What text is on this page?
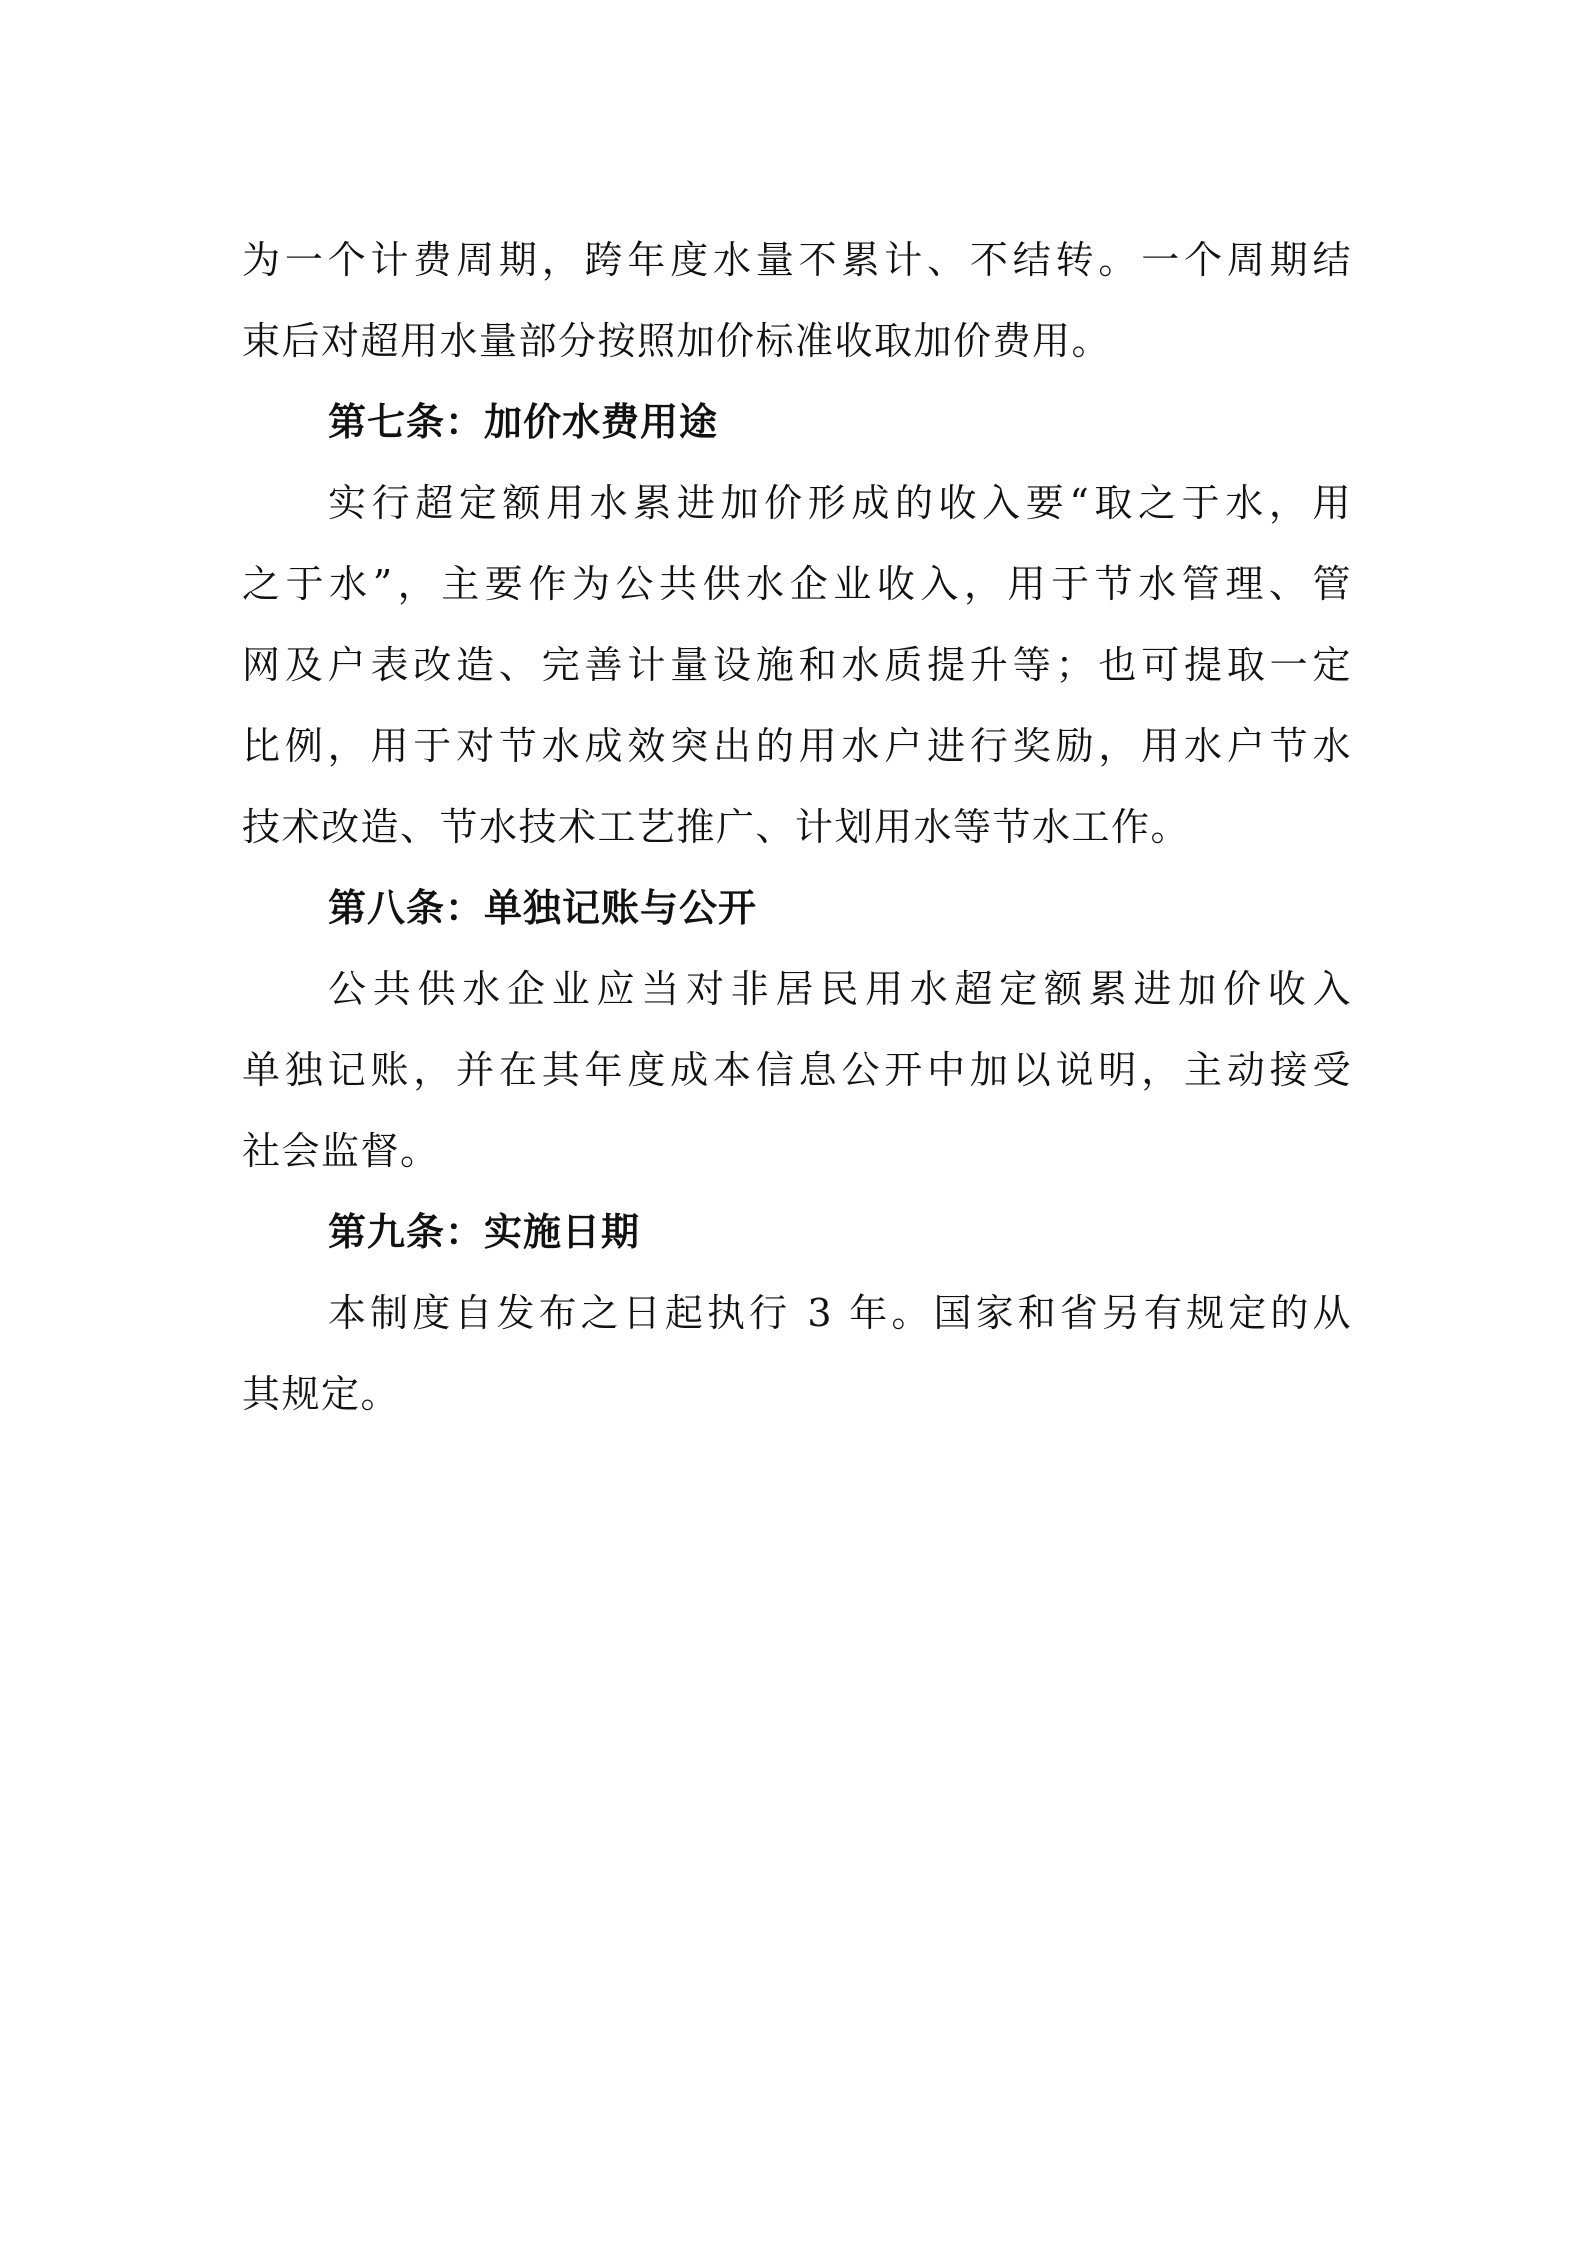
为一个计费周期，跨年度水量不累计、不结转。一个周期结
束后对超用水量部分按照加价标准收取加价费用。
第七条：加价水费用途
实行超定额用水累进加价形成的收入要“取之于水，用
之于水”，主要作为公共供水企业收入，用于节水管理、管
网及户表改造、完善计量设施和水质提升等；也可提取一定
比例，用于对节水成效突出的用水户进行奖励，用水户节水
技术改造、节水技术工艺推广、计划用水等节水工作。
第八条：单独记账与公开
公共供水企业应当对非居民用水超定额累进加价收入
单独记账，并在其年度成本信息公开中加以说明，主动接受
社会监督。
第九条：实施日期
本制度自发布之日起执行 3 年。国家和省另有规定的从
其规定。
